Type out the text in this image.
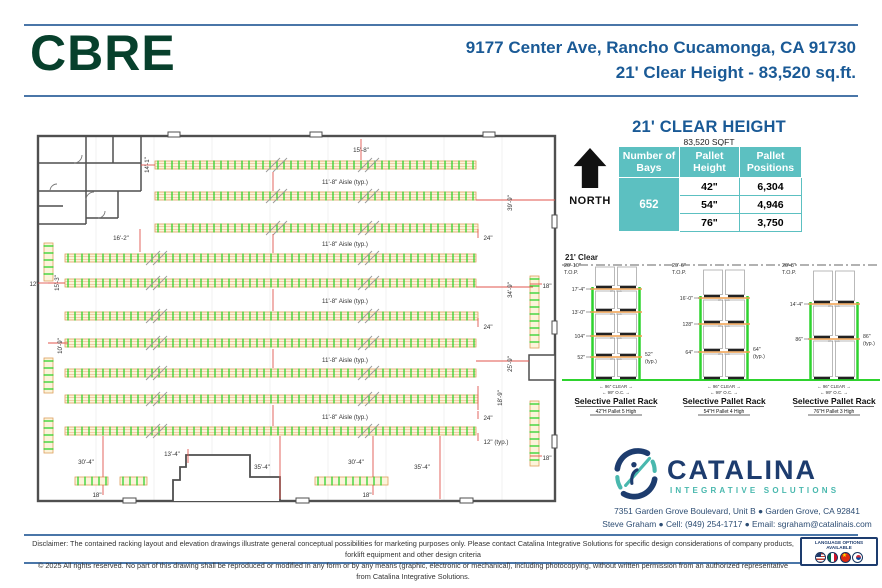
CBRE	9177 Center Ave, Rancho Cucamonga, CA 91730
21' Clear Height - 83,520 sq.ft.
15'-8"
14'-1"
11'-8" Aisle (typ.)
11'-8" Aisle (typ.)
11'-8" Aisle (typ.)
11'-8" Aisle (typ.)
11'-8" Aisle (typ.)
39'-9"
24"
16'-2"
12" 15'-3"	34'-9"	18"
24"
10'-9"
25'-9"
18'-9"
24"
12" (typ.)
18"
30'-4"
13'-4"
35'-4"
30'-4"
35'-4"
18"	18"
21' CLEAR HEIGHT
83,520 SQFT
NORTH
Number of Bays	Pallet Height	Pallet Positions
652	42"	6,304
	54"	4,946
	76"	3,750
21' Clear
Wire Deck
Wire Deck
Wire Deck
Wire Deck
20'-10"
T.O.P.
17'-4"
13'-0"
104"
52"	52"
(typ.)
← 96" CLEAR →
← 99" O.C. →
Selective Pallet Rack
42"H Pallet 5 High
Wire Deck
Wire Deck
Wire Deck
20'-6"
T.O.P.
16'-0"
128"
64"	64"
(typ.)
← 96" CLEAR →
← 99" O.C. →
Selective Pallet Rack
54"H Pallet 4 High
Wire Deck
Wire Deck
20'-8"
T.O.P.
14'-4"
86"	86"
(typ.)
← 96" CLEAR →
← 99" O.C. →
Selective Pallet Rack
76"H Pallet 3 High
CATALINA
INTEGRATIVE SOLUTIONS
7351 Garden Grove Boulevard, Unit B ● Garden Grove, CA 92841
Steve Graham ● Cell: (949) 254-1717 ● Email: sgraham@catalinais.com
Disclaimer: The contained racking layout and elevation drawings illustrate general conceptual possibilities for marketing purposes only. Please contact Catalina Integrative Solutions for specific design considerations of company products, forklift equipment and other design criteria
© 2025 All rights reserved. No part of this drawing shall be reproduced or modified in any form or by any means (graphic, electronic or mechanical), including photocopying, without written permission from an authorized representative from Catalina Integrative Solutions.
LANGUAGE OPTIONS
AVAILABLE
★
